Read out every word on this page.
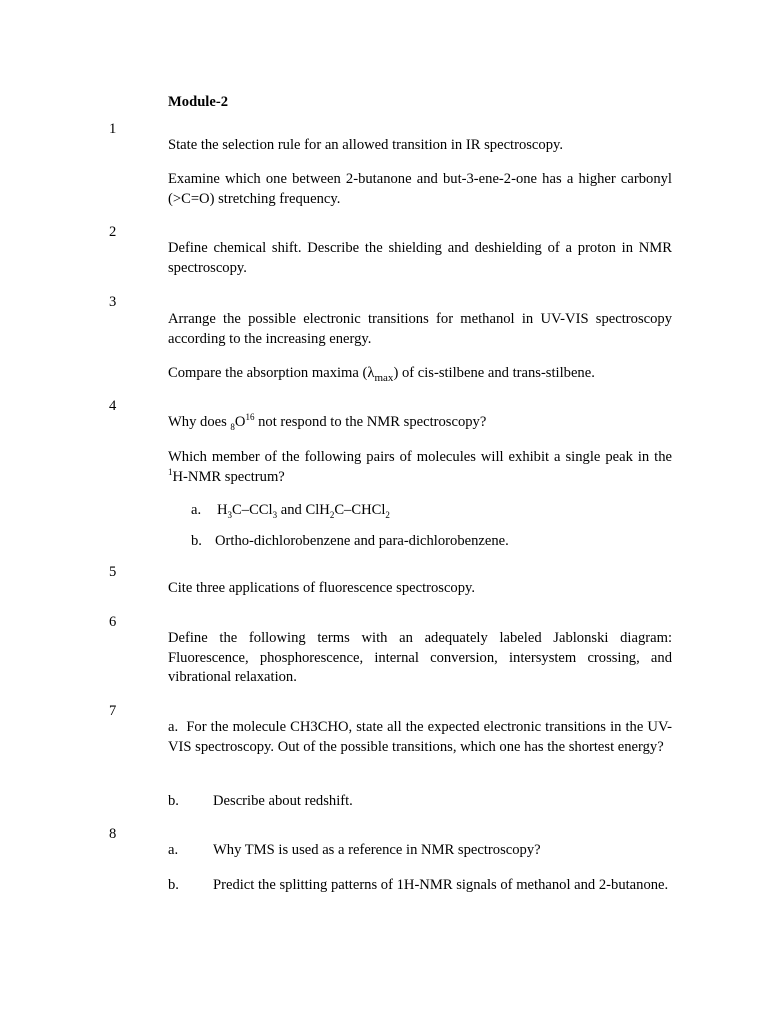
Module-2
1

State the selection rule for an allowed transition in IR spectroscopy.

Examine which one between 2-butanone and but-3-ene-2-one has a higher carbonyl (>C=O) stretching frequency.

2

Define chemical shift. Describe the shielding and deshielding of a proton in NMR spectroscopy.

3

Arrange the possible electronic transitions for methanol in UV-VIS spectroscopy according to the increasing energy.

Compare the absorption maxima $(\lambda_{max})$ of cis-stilbene and trans-stilbene.

4

Why does $_8O^{16}$ not respond to the NMR spectroscopy?

Which member of the following pairs of molecules will exhibit a single peak in the $^1$H-NMR spectrum?

a. $H_3C-CCl_3$ and ClH$_2$C–CHCl$_2$

b. Ortho-dichlorobenzene and para-dichlorobenzene.

5

Cite three applications of fluorescence spectroscopy.

6

Define the following terms with an adequately labeled Jablonski diagram: Fluorescence, phosphorescence, internal conversion, intersystem crossing, and vibrational relaxation.

7

a. For the molecule CH3CHO, state all the expected electronic transitions in the UV-VIS spectroscopy. Out of the possible transitions, which one has the shortest energy?

b. Describe about redshift.

8

a. Why TMS is used as a reference in NMR spectroscopy?

b. Predict the splitting patterns of 1H-NMR signals of methanol and 2-butanone.
